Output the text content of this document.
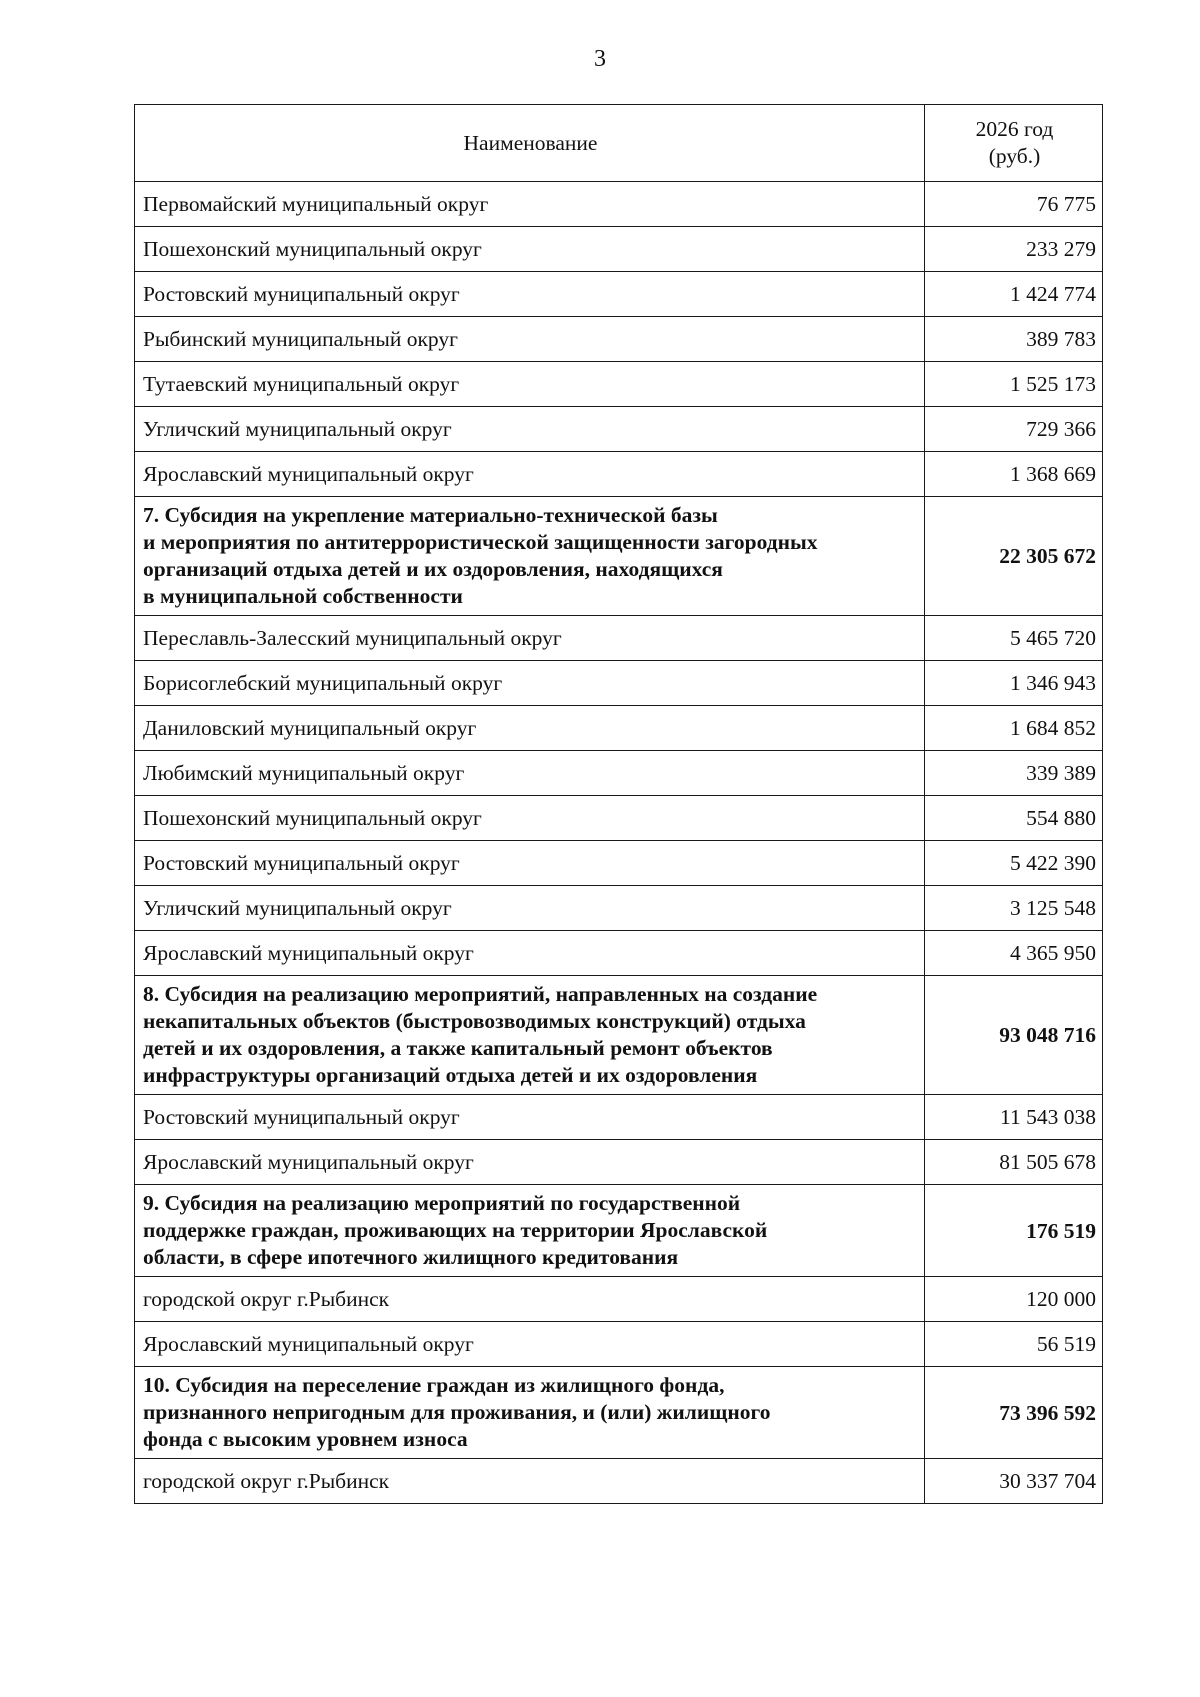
3
Наименование	2026 год
(руб.)
Первомайский муниципальный округ	76 775
Пошехонский муниципальный округ	233 279
Ростовский муниципальный округ	1 424 774
Рыбинский муниципальный округ	389 783
Тутаевский муниципальный округ	1 525 173
Угличский муниципальный округ	729 366
Ярославский муниципальный округ	1 368 669

7. Субсидия на укрепление материально-технической базы
и мероприятия по антитеррористической защищенности загородных
организаций отдыха детей и их оздоровления, находящихся
в муниципальной собственности	22 305 672
Переславль-Залесский муниципальный округ	5 465 720
Борисоглебский муниципальный округ	1 346 943
Даниловский муниципальный округ	1 684 852
Любимский муниципальный округ	339 389
Пошехонский муниципальный округ	554 880
Ростовский муниципальный округ	5 422 390
Угличский муниципальный округ	3 125 548
Ярославский муниципальный округ	4 365 950

8. Субсидия на реализацию мероприятий, направленных на создание
некапитальных объектов (быстровозводимых конструкций) отдыха
детей и их оздоровления, а также капитальный ремонт объектов
инфраструктуры организаций отдыха детей и их оздоровления	93 048 716
Ростовский муниципальный округ	11 543 038
Ярославский муниципальный округ	81 505 678

9. Субсидия на реализацию мероприятий по государственной
поддержке граждан, проживающих на территории Ярославской
области, в сфере ипотечного жилищного кредитования	176 519
городской округ г.Рыбинск	120 000
Ярославский муниципальный округ	56 519

10. Субсидия на переселение граждан из жилищного фонда,
признанного непригодным для проживания, и (или) жилищного
фонда с высоким уровнем износа	73 396 592
городской округ г.Рыбинск	30 337 704
